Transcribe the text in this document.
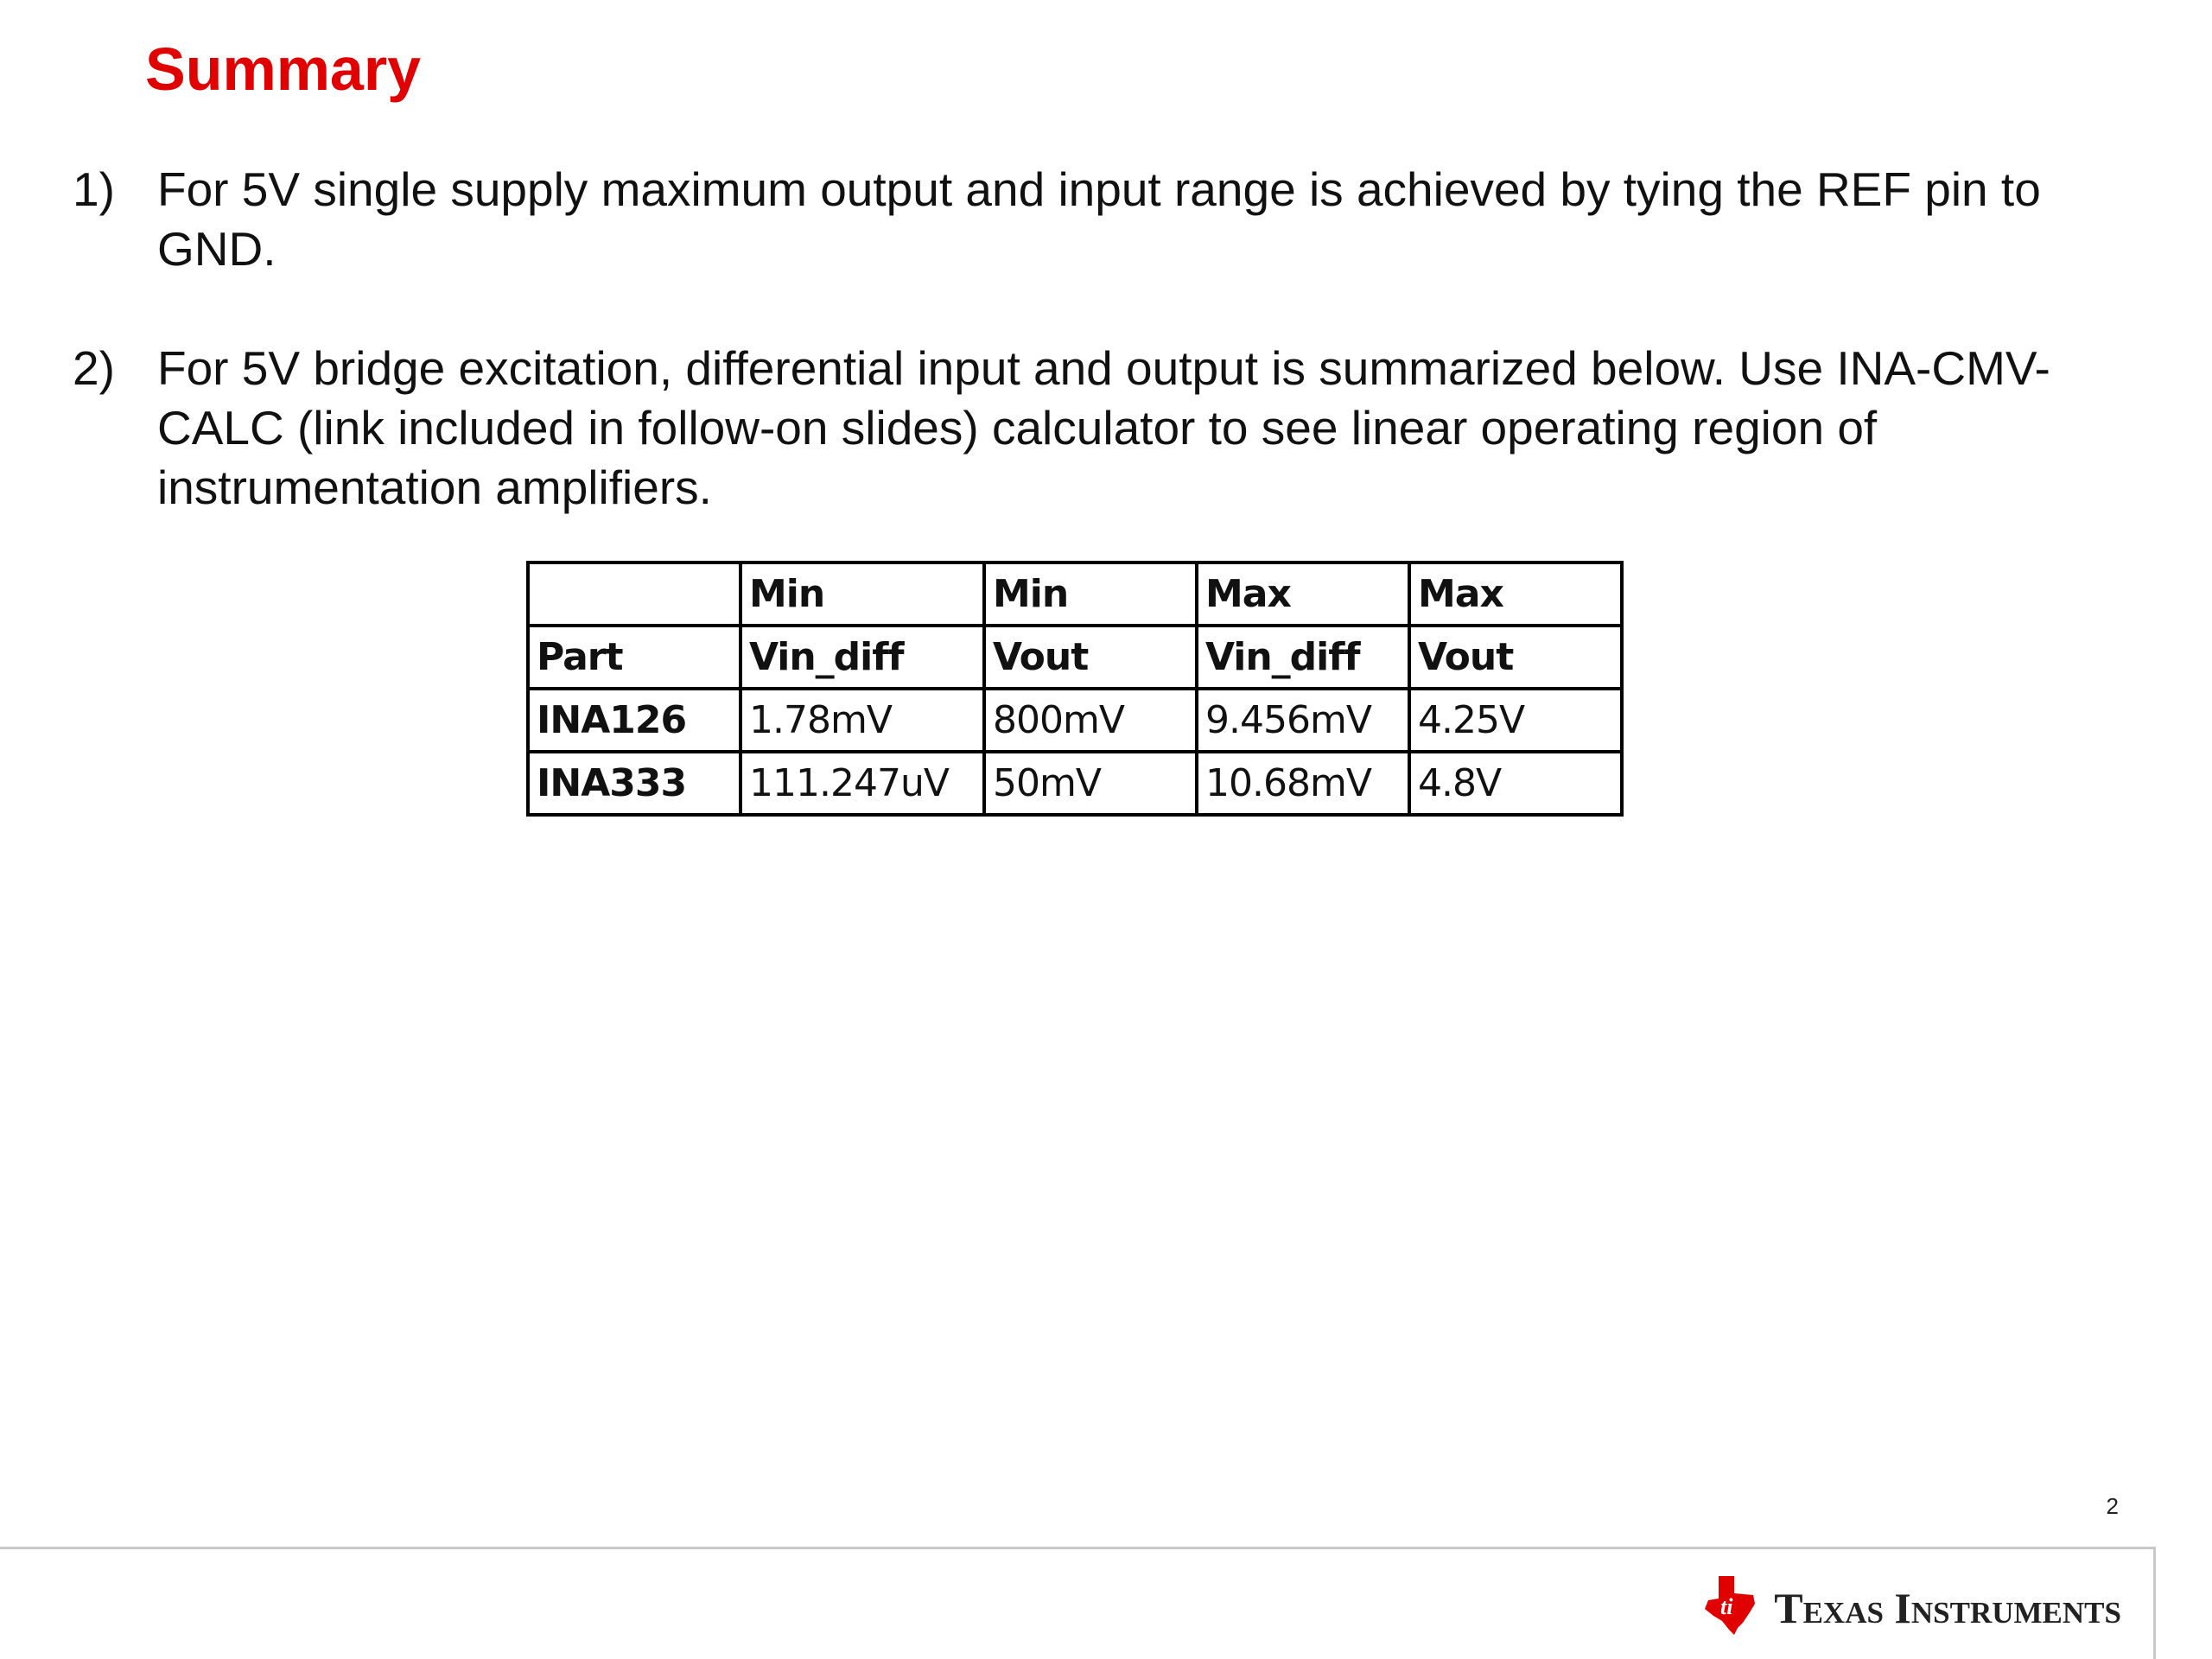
Summary
1) For 5V single supply maximum output and input range is achieved by tying the REF pin to GND.
2) For 5V bridge excitation, differential input and output is summarized below. Use INA-CMV-CALC (link included in follow-on slides) calculator to see linear operating region of instrumentation amplifiers.
	Min	Min	Max	Max
Part	Vin_diff	Vout	Vin_diff	Vout
INA126	1.78mV	800mV	9.456mV	4.25V
INA333	111.247uV	50mV	10.68mV	4.8V
2
ti Texas Instruments
